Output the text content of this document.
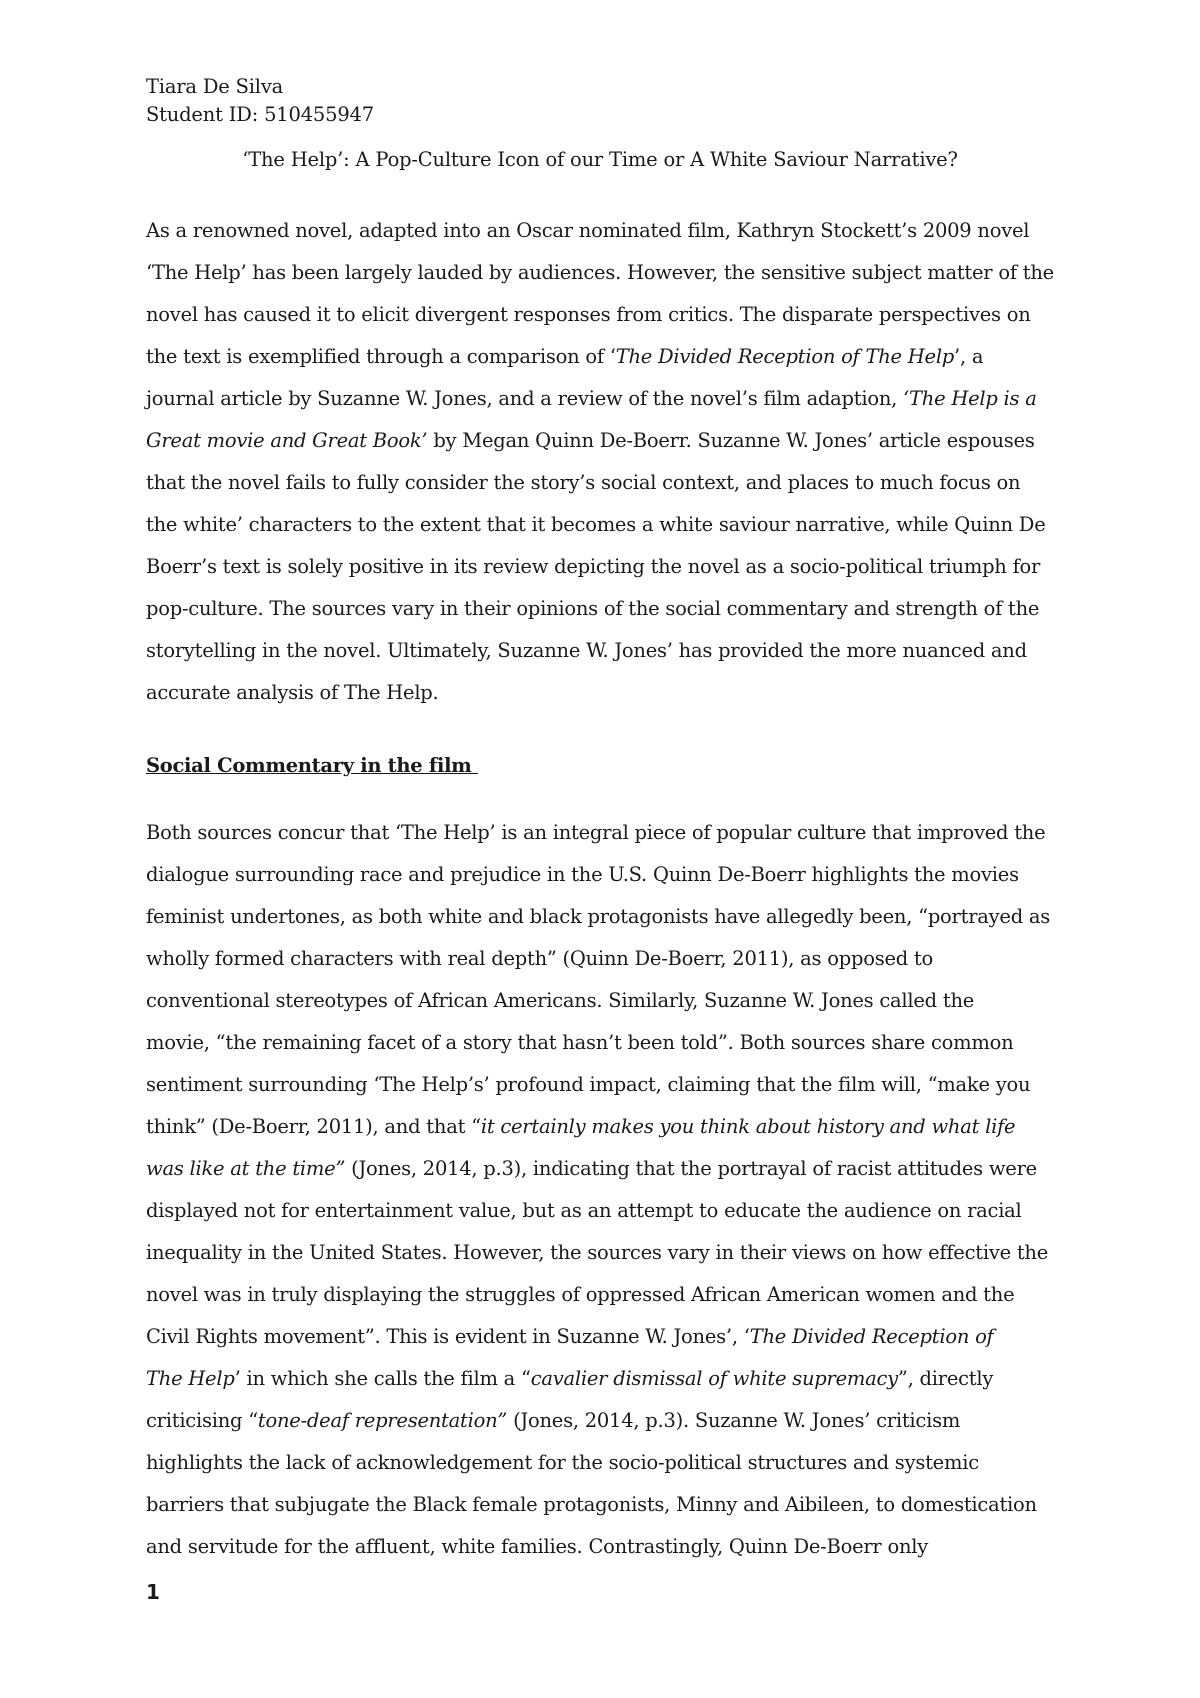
Tiara De Silva
Student ID: 510455947
‘The Help’: A Pop-Culture Icon of our Time or A White Saviour Narrative?
As a renowned novel, adapted into an Oscar nominated film, Kathryn Stockett’s 2009 novel
‘The Help’ has been largely lauded by audiences. However, the sensitive subject matter of the
novel has caused it to elicit divergent responses from critics. The disparate perspectives on
the text is exemplified through a comparison of ‘The Divided Reception of The Help’, a
journal article by Suzanne W. Jones, and a review of the novel’s film adaption, ‘The Help is a
Great movie and Great Book’ by Megan Quinn De-Boerr. Suzanne W. Jones’ article espouses
that the novel fails to fully consider the story’s social context, and places to much focus on
the white’ characters to the extent that it becomes a white saviour narrative, while Quinn De
Boerr’s text is solely positive in its review depicting the novel as a socio-political triumph for
pop-culture. The sources vary in their opinions of the social commentary and strength of the
storytelling in the novel. Ultimately, Suzanne W. Jones’ has provided the more nuanced and
accurate analysis of The Help.
Social Commentary in the film
Both sources concur that ‘The Help’ is an integral piece of popular culture that improved the
dialogue surrounding race and prejudice in the U.S. Quinn De-Boerr highlights the movies
feminist undertones, as both white and black protagonists have allegedly been, “portrayed as
wholly formed characters with real depth” (Quinn De-Boerr, 2011), as opposed to
conventional stereotypes of African Americans. Similarly, Suzanne W. Jones called the
movie, “the remaining facet of a story that hasn’t been told”. Both sources share common
sentiment surrounding ‘The Help’s’ profound impact, claiming that the film will, “make you
think” (De-Boerr, 2011), and that “it certainly makes you think about history and what life
was like at the time” (Jones, 2014, p.3), indicating that the portrayal of racist attitudes were
displayed not for entertainment value, but as an attempt to educate the audience on racial
inequality in the United States. However, the sources vary in their views on how effective the
novel was in truly displaying the struggles of oppressed African American women and the
Civil Rights movement”. This is evident in Suzanne W. Jones’, ‘The Divided Reception of
The Help’ in which she calls the film a “cavalier dismissal of white supremacy”, directly
criticising “tone-deaf representation” (Jones, 2014, p.3). Suzanne W. Jones’ criticism
highlights the lack of acknowledgement for the socio-political structures and systemic
barriers that subjugate the Black female protagonists, Minny and Aibileen, to domestication
and servitude for the affluent, white families. Contrastingly, Quinn De-Boerr only
1
